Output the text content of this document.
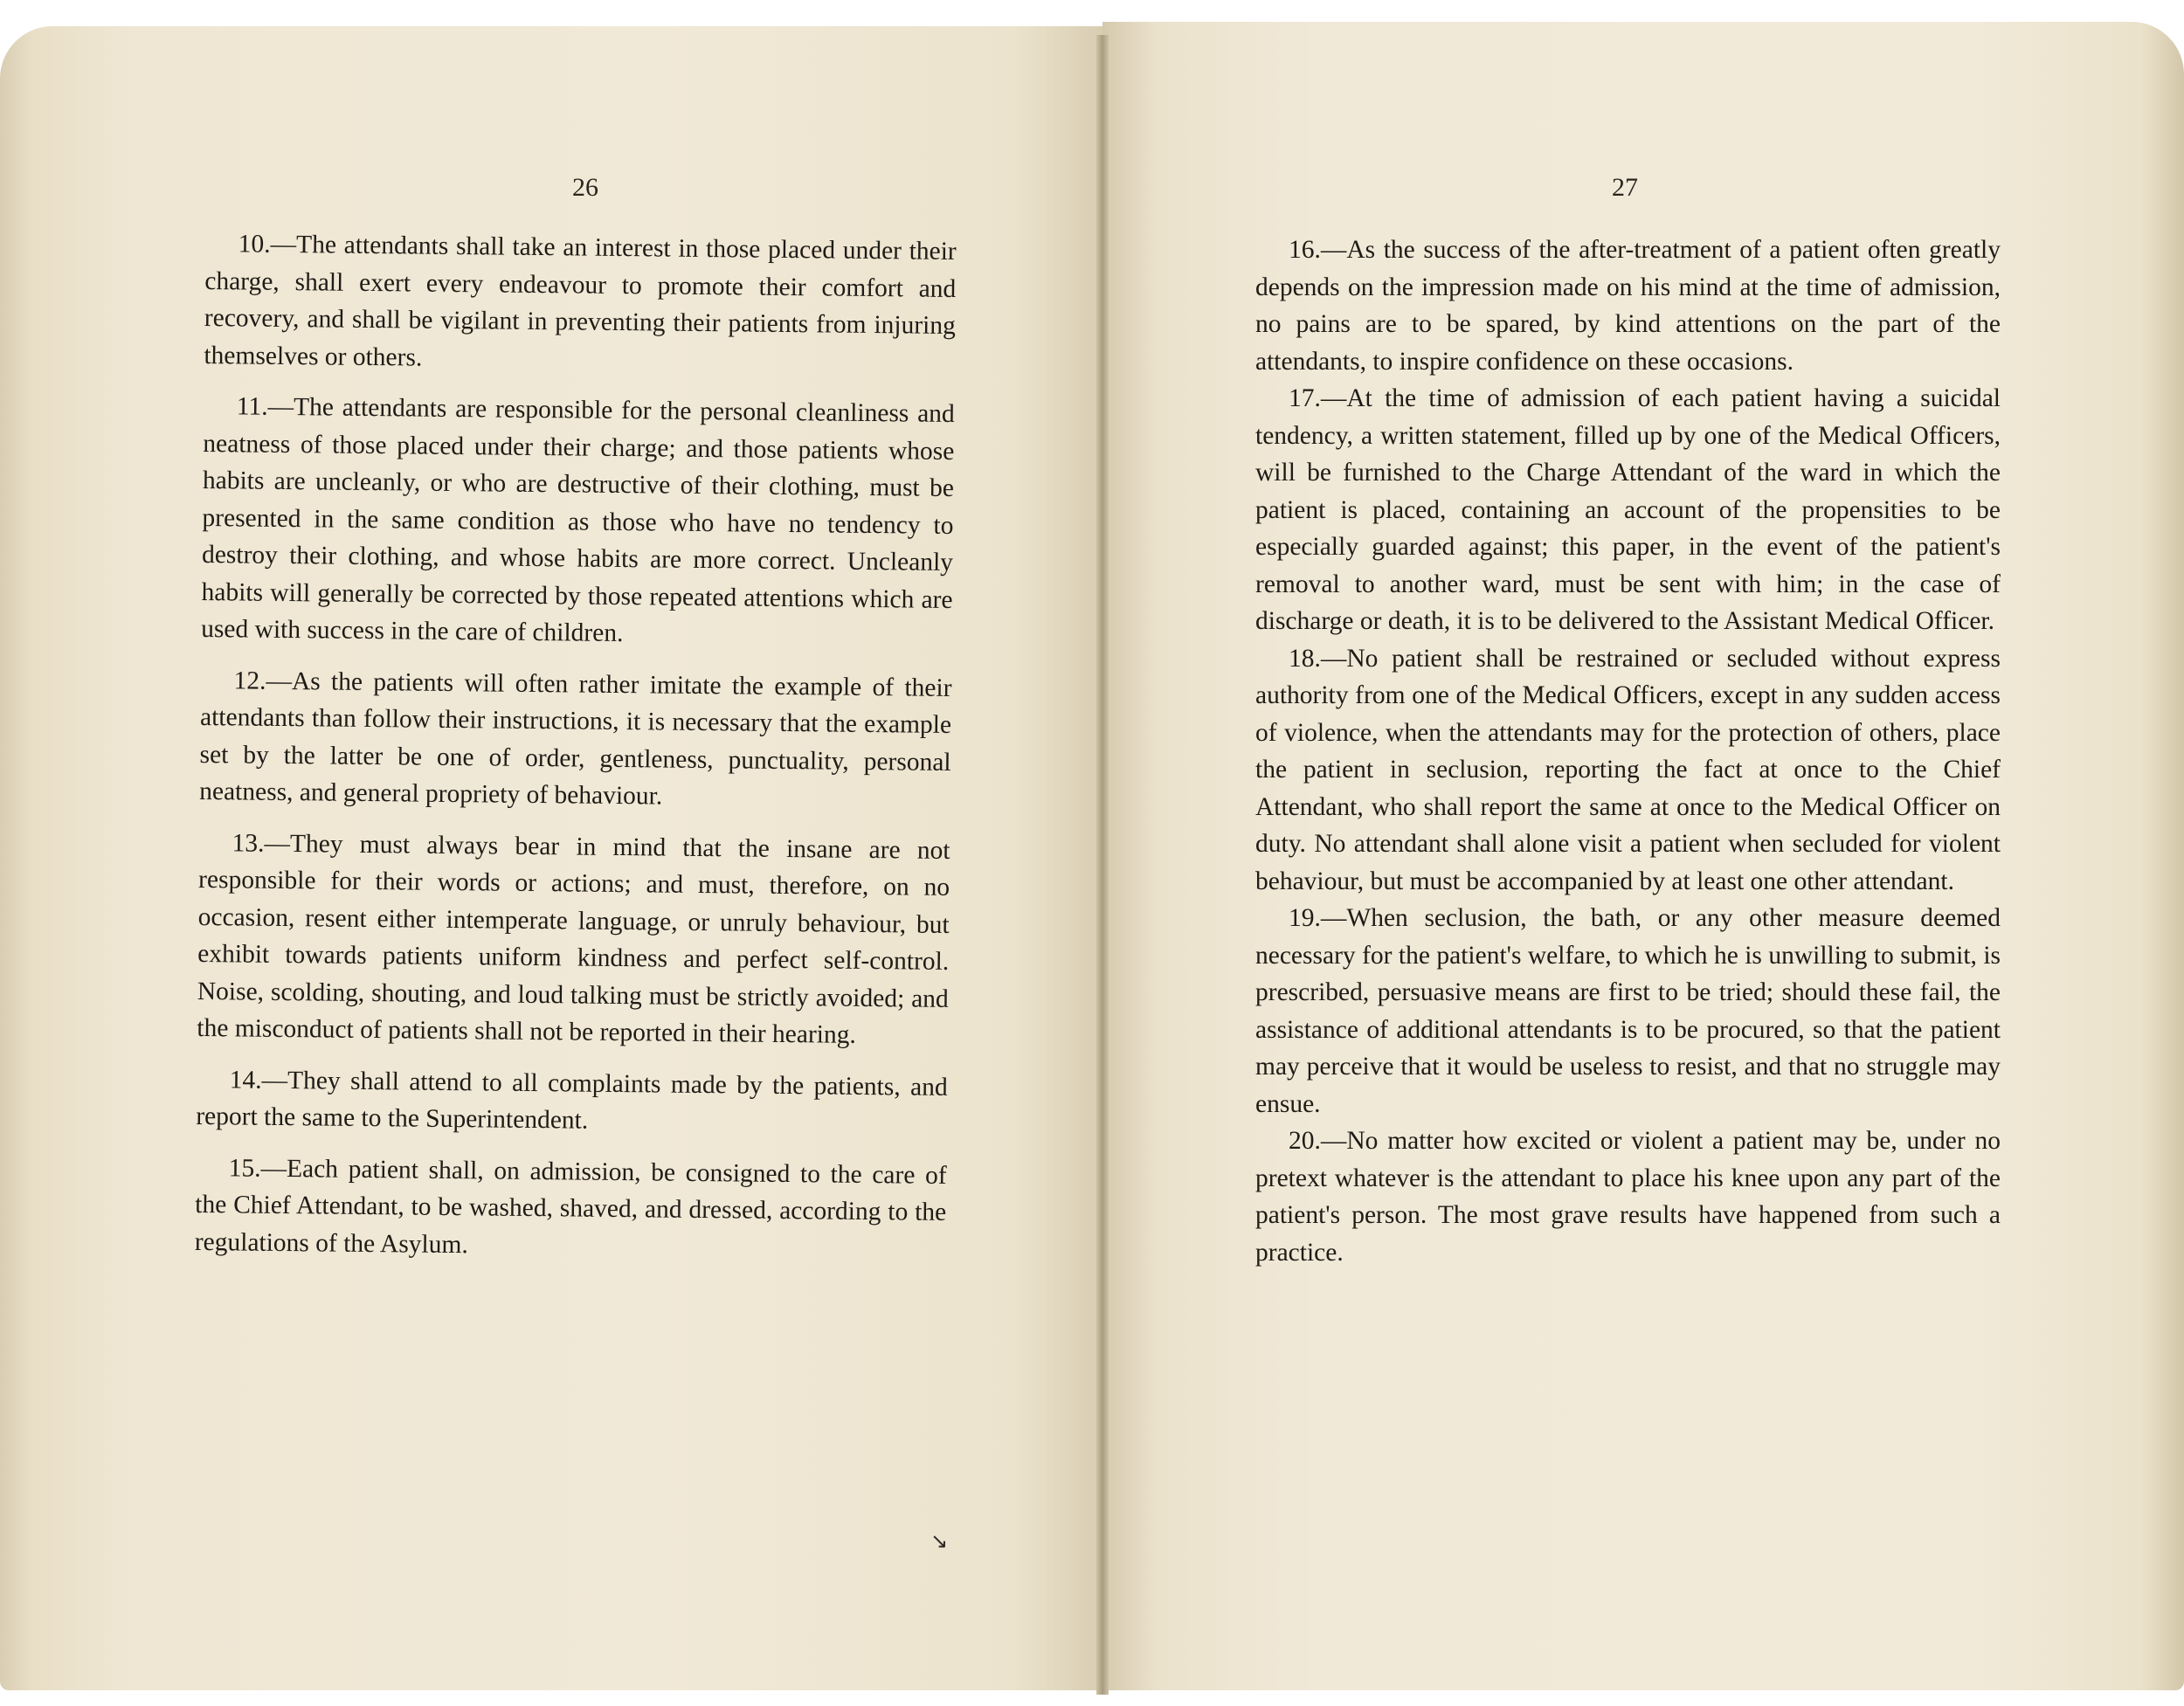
26	27

10.—The attendants shall take an interest in those placed under their charge, shall exert every endeavour to promote their comfort and recovery, and shall be vigilant in preventing their patients from injuring themselves or others.

11.—The attendants are responsible for the personal cleanliness and neatness of those placed under their charge; and those patients whose habits are uncleanly, or who are destructive of their clothing, must be presented in the same condition as those who have no tendency to destroy their clothing, and whose habits are more correct. Uncleanly habits will generally be corrected by those repeated attentions which are used with success in the care of children.

12.—As the patients will often rather imitate the example of their attendants than follow their instructions, it is necessary that the example set by the latter be one of order, gentleness, punctuality, personal neatness, and general propriety of behaviour.

13.—They must always bear in mind that the insane are not responsible for their words or actions; and must, therefore, on no occasion, resent either intemperate language, or unruly behaviour, but exhibit towards patients uniform kindness and perfect self-control. Noise, scolding, shouting, and loud talking must be strictly avoided; and the misconduct of patients shall not be reported in their hearing.

14.—They shall attend to all complaints made by the patients, and report the same to the Superintendent.

15.—Each patient shall, on admission, be consigned to the care of the Chief Attendant, to be washed, shaved, and dressed, according to the regulations of the Asylum.

16.—As the success of the after-treatment of a patient often greatly depends on the impression made on his mind at the time of admission, no pains are to be spared, by kind attentions on the part of the attendants, to inspire confidence on these occasions.

17.—At the time of admission of each patient having a suicidal tendency, a written statement, filled up by one of the Medical Officers, will be furnished to the Charge Attendant of the ward in which the patient is placed, containing an account of the propensities to be especially guarded against; this paper, in the event of the patient's removal to another ward, must be sent with him; in the case of discharge or death, it is to be delivered to the Assistant Medical Officer.

18.—No patient shall be restrained or secluded without express authority from one of the Medical Officers, except in any sudden access of violence, when the attendants may for the protection of others, place the patient in seclusion, reporting the fact at once to the Chief Attendant, who shall report the same at once to the Medical Officer on duty. No attendant shall alone visit a patient when secluded for violent behaviour, but must be accompanied by at least one other attendant.

19.—When seclusion, the bath, or any other measure deemed necessary for the patient's welfare, to which he is unwilling to submit, is prescribed, persuasive means are first to be tried; should these fail, the assistance of additional attendants is to be procured, so that the patient may perceive that it would be useless to resist, and that no struggle may ensue.

20.—No matter how excited or violent a patient may be, under no pretext whatever is the attendant to place his knee upon any part of the patient's person. The most grave results have happened from such a practice.

↘
